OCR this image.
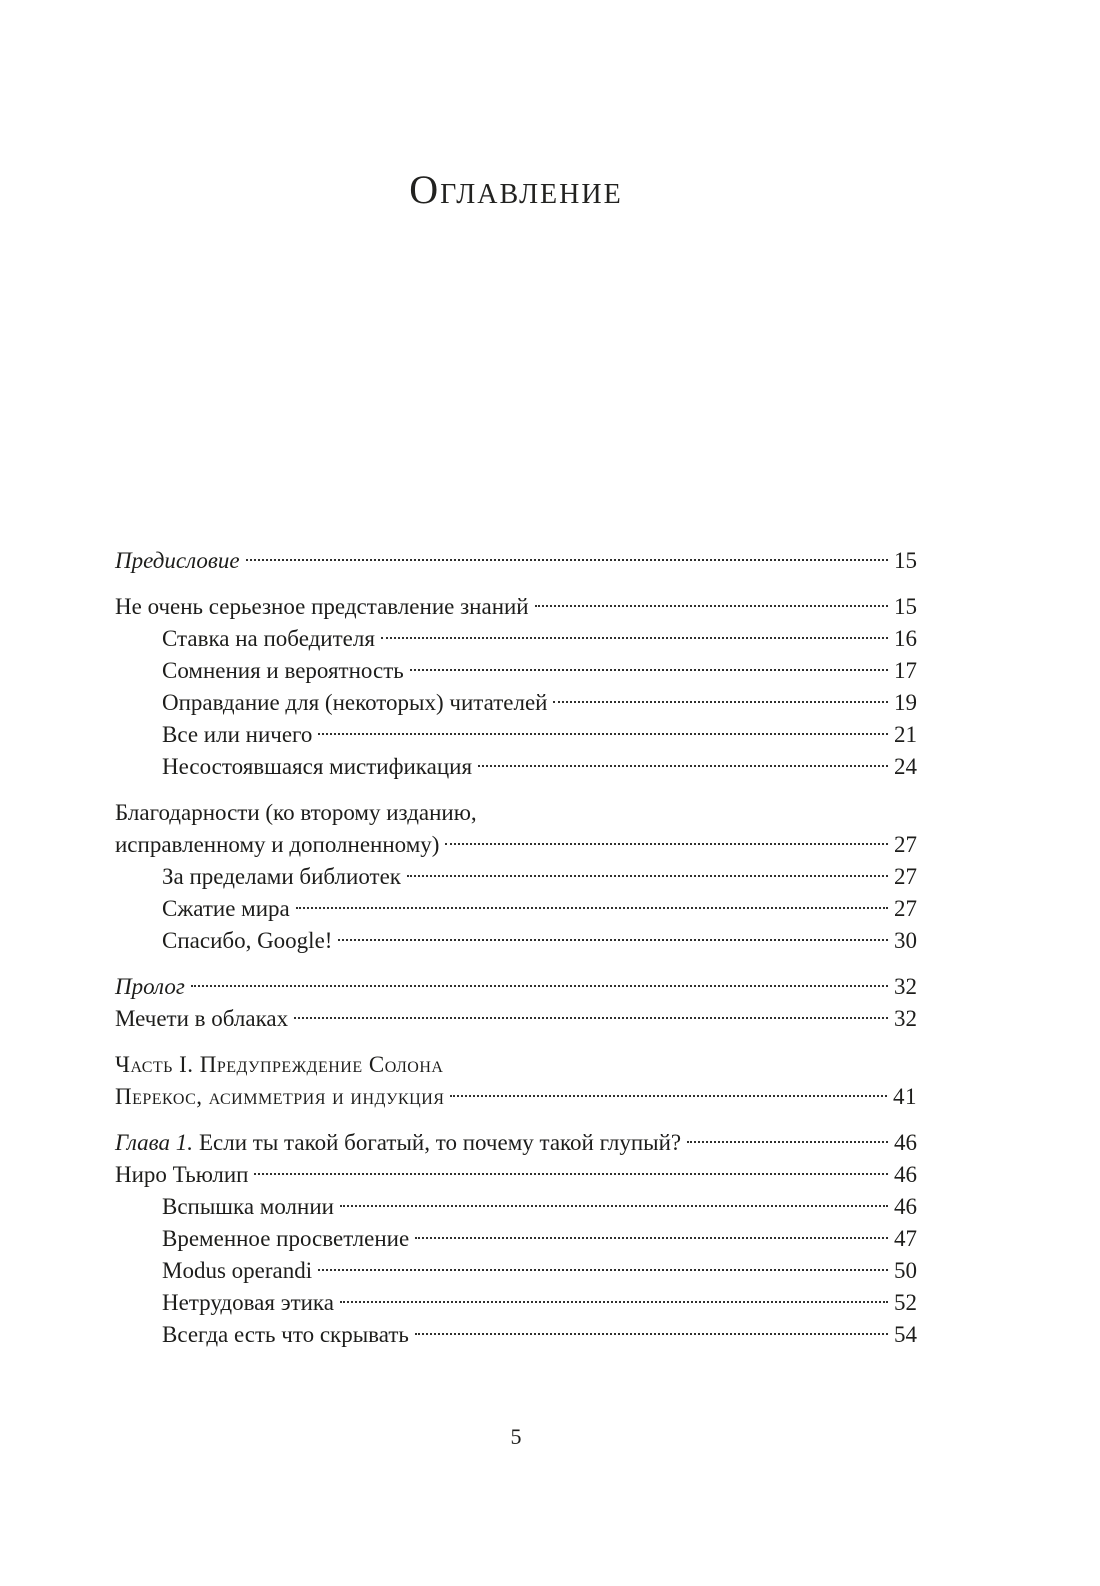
Оглавление
Предисловие	15
Не очень серьезное представление знаний	15
Ставка на победителя	16
Сомнения и вероятность	17
Оправдание для (некоторых) читателей	19
Все или ничего	21
Несостоявшаяся мистификация	24
Благодарности (ко второму изданию,
исправленному и дополненному)	27
За пределами библиотек	27
Сжатие мира	27
Спасибо, Google!	30
Пролог	32
Мечети в облаках	32
Часть I. Предупреждение Солона
Перекос, асимметрия и индукция	41
Глава 1. Если ты такой богатый, то почему такой глупый?	46
Ниро Тьюлип	46
Вспышка молнии	46
Временное просветление	47
Modus operandi	50
Нетрудовая этика	52
Всегда есть что скрывать	54
5
